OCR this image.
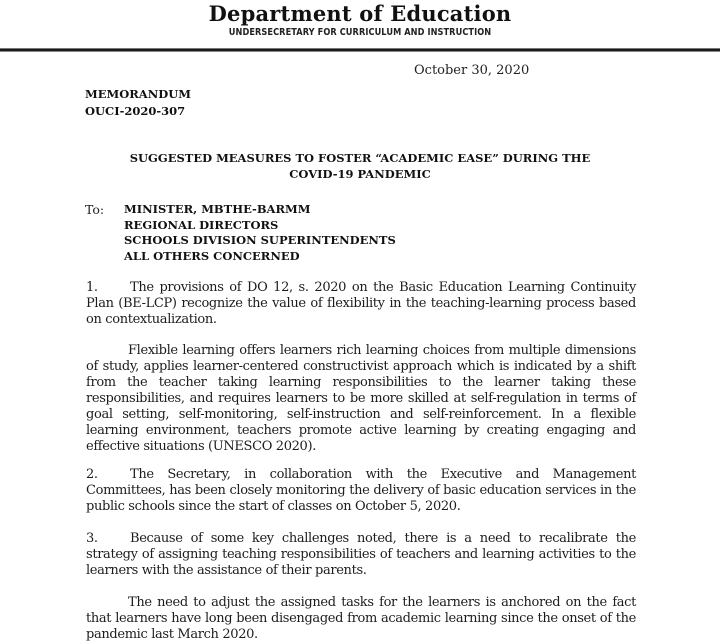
Department of Education
UNDERSECRETARY FOR CURRICULUM AND INSTRUCTION
October 30, 2020
MEMORANDUM
OUCI-2020-307
SUGGESTED MEASURES TO FOSTER “ACADEMIC EASE” DURING THE
COVID-19 PANDEMIC
To: MINISTER, MBTHE-BARMM
REGIONAL DIRECTORS
SCHOOLS DIVISION SUPERINTENDENTS
ALL OTHERS CONCERNED
1. The provisions of DO 12, s. 2020 on the Basic Education Learning Continuity Plan (BE-LCP) recognize the value of flexibility in the teaching-learning process based on contextualization.
Flexible learning offers learners rich learning choices from multiple dimensions of study, applies learner-centered constructivist approach which is indicated by a shift from the teacher taking learning responsibilities to the learner taking these responsibilities, and requires learners to be more skilled at self-regulation in terms of goal setting, self-monitoring, self-instruction and self-reinforcement. In a flexible learning environment, teachers promote active learning by creating engaging and effective situations (UNESCO 2020).
2. The Secretary, in collaboration with the Executive and Management Committees, has been closely monitoring the delivery of basic education services in the public schools since the start of classes on October 5, 2020.
3. Because of some key challenges noted, there is a need to recalibrate the strategy of assigning teaching responsibilities of teachers and learning activities to the learners with the assistance of their parents.
The need to adjust the assigned tasks for the learners is anchored on the fact that learners have long been disengaged from academic learning since the onset of the pandemic last March 2020.
